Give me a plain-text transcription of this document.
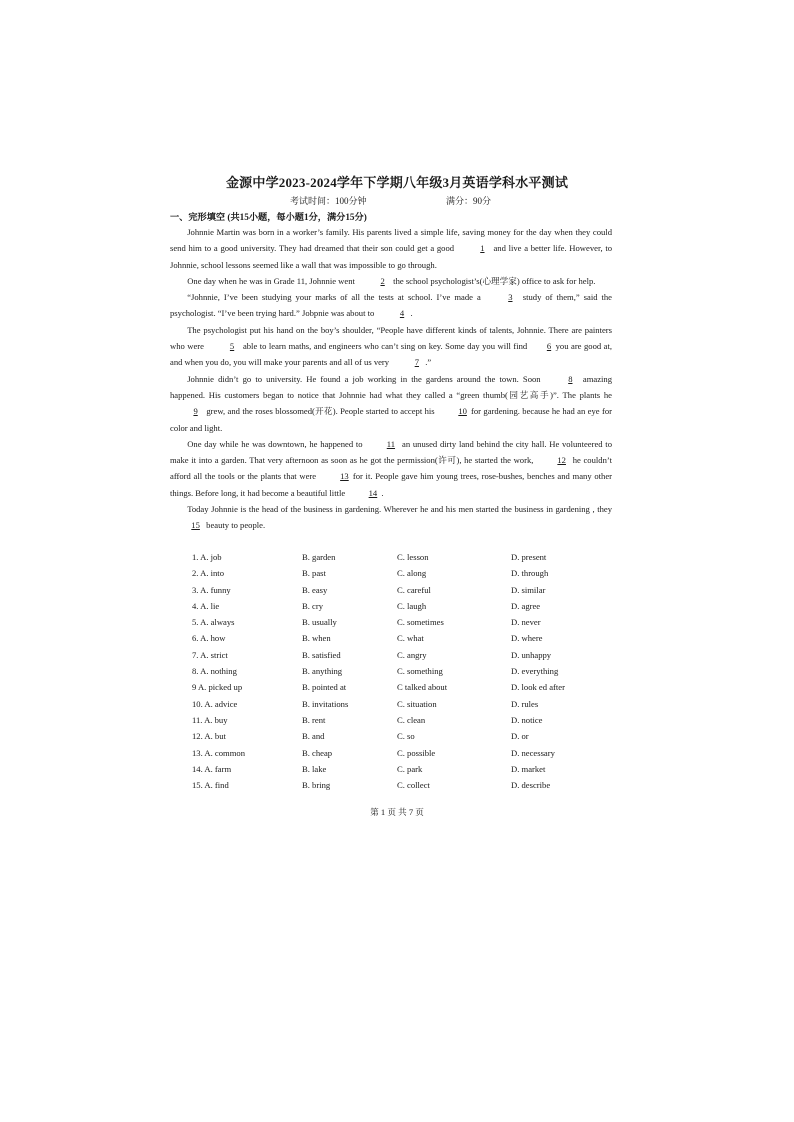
金源中学2023-2024学年下学期八年级3月英语学科水平测试
考试时间：100分钟	满分：90分
一、完形填空 (共15小题，每小题1分，满分15分)

Johnnie Martin was born in a worker’s family. His parents lived a simple life, saving money for the day when they could send him to a good university. They had dreamed that their son could get a good	1 and live a better life. However, to Johnnie, school lessons seemed like a wall that was impossible to go through.

One day when he was in Grade 11, Johnnie went	2 the school psychologist’s(心理学家) office to ask for help.

“Johnnie, I’ve been studying your marks of all the tests at school. I’ve made a	3 study of them,” said the psychologist. “I’ve been trying hard.” Jobpnie was about to	4 .

The psychologist put his hand on the boy’s shoulder, “People have different kinds of talents, Johnnie. There are painters who were	5 able to learn maths, and engineers who can’t sing on key. Some day you will find 6 you are good at, and when you do, you will make your parents and all of us very	7 .”

Johnnie didn’t go to university. He found a job working in the gardens around the town. Soon	8 amazing happened. His customers began to notice that Johnnie had what they called a “green thumb(园艺高手)”. The plants he 9 grew, and the roses blossomed(开花). People started to accept his 10 for gardening. because he had an eye for color and light.

One day while he was downtown, he happened to 11 an unused dirty land behind the city hall. He volunteered to make it into a garden. That very afternoon as soon as he got the permission(许可), he started the work, 12 he couldn’t afford all the tools or the plants that were 13 for it. People gave him young trees, rose-bushes, benches and many other things. Before long, it had become a beautiful little 14 .

Today Johnnie is the head of the business in gardening. Wherever he and his men started the business in gardening , they 15 beauty to people.

1. A. job	B. garden	C. lesson	D. present
2. A. into	B. past	C. along	D. through
3. A. funny	B. easy	C. careful	D. similar
4. A. lie	B. cry	C. laugh	D. agree
5. A. always	B. usually	C. sometimes	D. never
6. A. how	B. when	C. what	D. where
7. A. strict	B. satisfied	C. angry	D. unhappy
8. A. nothing	B. anything	C. something	D. everything
9 A. picked up	B. pointed at	C talked about	D. look ed after
10. A. advice	B. invitations	C. situation	D. rules
11. A. buy	B. rent	C. clean	D. notice
12. A. but	B. and	C. so	D. or
13. A. common	B. cheap	C. possible	D. necessary
14. A. farm	B. lake	C. park	D. market
15. A. find	B. bring	C. collect	D. describe
第 1 页 共 7 页
